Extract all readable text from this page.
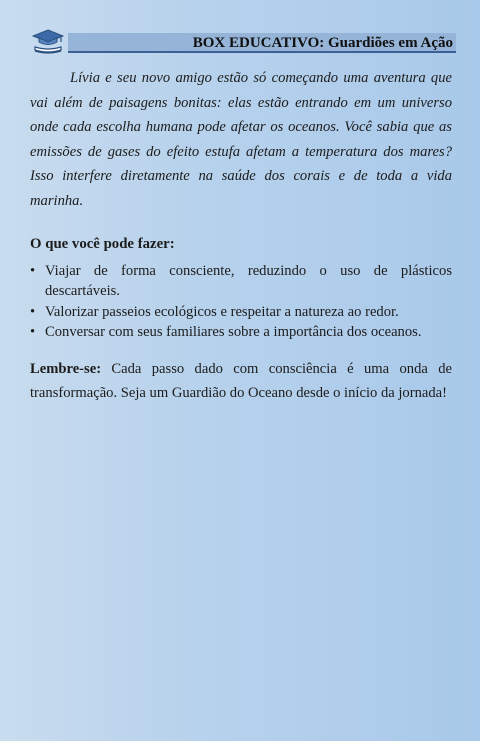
BOX EDUCATIVO: Guardiões em Ação

Lívia e seu novo amigo estão só começando uma aventura que vai além de paisagens bonitas: elas estão entrando em um universo onde cada escolha humana pode afetar os oceanos. Você sabia que as emissões de gases do efeito estufa afetam a temperatura dos mares? Isso interfere diretamente na saúde dos corais e de toda a vida marinha.

O que você pode fazer:
• Viajar de forma consciente, reduzindo o uso de plásticos descartáveis.
• Valorizar passeios ecológicos e respeitar a natureza ao redor.
• Conversar com seus familiares sobre a importância dos oceanos.

Lembre-se: Cada passo dado com consciência é uma onda de transformação. Seja um Guardião do Oceano desde o início da jornada!
